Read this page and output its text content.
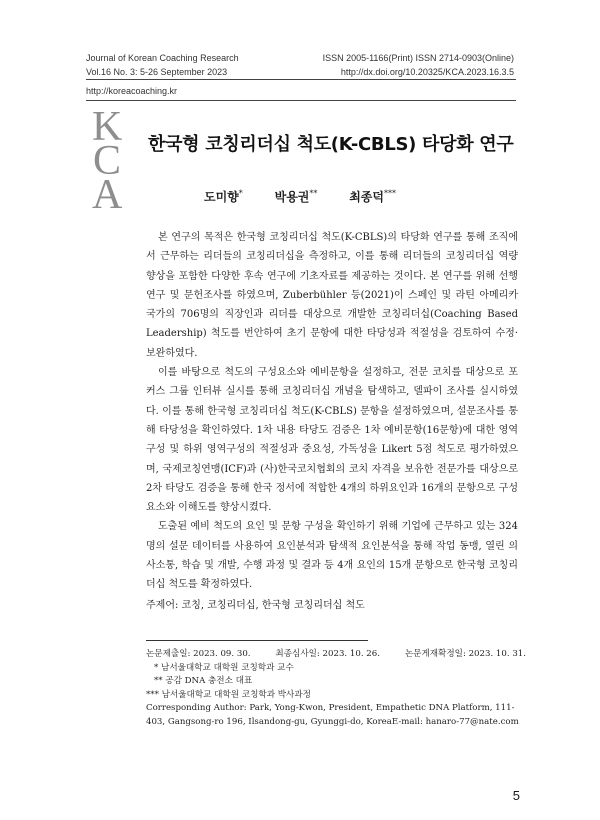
Journal of Korean Coaching Research
Vol.16 No. 3: 5-26 September 2023
ISSN 2005-1166(Print) ISSN 2714-0903(Online)
http://dx.doi.org/10.20325/KCA.2023.16.3.5
http://koreacoaching.kr
K
C
A
한국형 코칭리더십 척도(K-CBLS) 타당화 연구
도미향*	박용권**	최종덕***

본 연구의 목적은 한국형 코칭리더십 척도(K-CBLS)의 타당화 연구를 통해 조직에서 근무하는 리더들의 코칭리더십을 측정하고, 이를 통해 리더들의 코칭리더십 역량 향상을 포함한 다양한 후속 연구에 기초자료를 제공하는 것이다. 본 연구를 위해 선행연구 및 문헌조사를 하였으며, Zuberbühler 등(2021)이 스페인 및 라틴 아메리카 국가의 706명의 직장인과 리더를 대상으로 개발한 코칭리더십(Coaching Based Leadership) 척도를 번안하여 초기 문항에 대한 타당성과 적절성을 검토하여 수정·보완하였다.

이를 바탕으로 척도의 구성요소와 예비문항을 설정하고, 전문 코치를 대상으로 포커스 그룹 인터뷰 실시를 통해 코칭리더십 개념을 탐색하고, 델파이 조사를 실시하였다. 이를 통해 한국형 코칭리더십 척도(K-CBLS) 문항을 설정하였으며, 설문조사를 통해 타당성을 확인하였다. 1차 내용 타당도 검증은 1차 예비문항(16문항)에 대한 영역구성 및 하위 영역구성의 적절성과 중요성, 가독성을 Likert 5점 척도로 평가하였으며, 국제코칭연맹(ICF)과 (사)한국코치협회의 코치 자격을 보유한 전문가를 대상으로 2차 타당도 검증을 통해 한국 정서에 적합한 4개의 하위요인과 16개의 문항으로 구성요소와 이해도를 향상시켰다.

도출된 예비 척도의 요인 및 문항 구성을 확인하기 위해 기업에 근무하고 있는 324명의 설문 데이터를 사용하여 요인분석과 탐색적 요인분석을 통해 작업 동맹, 열린 의사소통, 학습 및 개발, 수행 과정 및 결과 등 4개 요인의 15개 문항으로 한국형 코칭리더십 척도를 확정하였다.

주제어: 코칭, 코칭리더십, 한국형 코칭리더십 척도
논문제출일: 2023. 09. 30.	최종심사일: 2023. 10. 26.	논문게재확정일: 2023. 10. 31.
* 남서울대학교 대학원 코칭학과 교수
** 공감 DNA 충전소 대표
*** 남서울대학교 대학원 코칭학과 박사과정
Corresponding Author: Park, Yong-Kwon, President, Empathetic DNA Platform, 111-403, Gangsong-ro 196, Ilsandong-gu, Gyunggi-do, KoreaE-mail: hanaro-77@nate.com
5
